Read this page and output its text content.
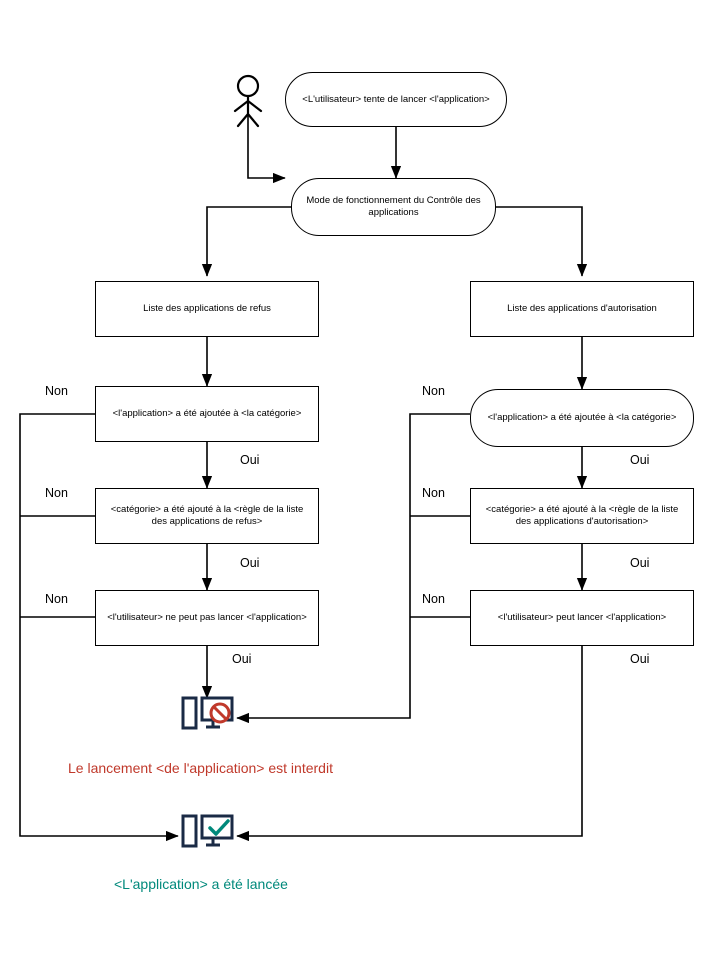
<L'utilisateur> tente de lancer <l'application>
Mode de fonctionnement du Contrôle des applications
Liste des applications de refus	Liste des applications d'autorisation
<l'application> a été ajoutée à <la catégorie>	<l'application> a été ajoutée à <la catégorie>
<catégorie> a été ajouté à la <règle de la liste des applications de refus>
<catégorie> a été ajouté à la <règle de la liste des applications d'autorisation>
<l'utilisateur> ne peut pas lancer <l'application>	<l'utilisateur> peut lancer <l'application>
Non
Non
Non
Oui
Oui
Oui
Non
Non
Non
Oui
Oui
Oui
Le lancement <de l'application> est interdit
<L'application> a été lancée
